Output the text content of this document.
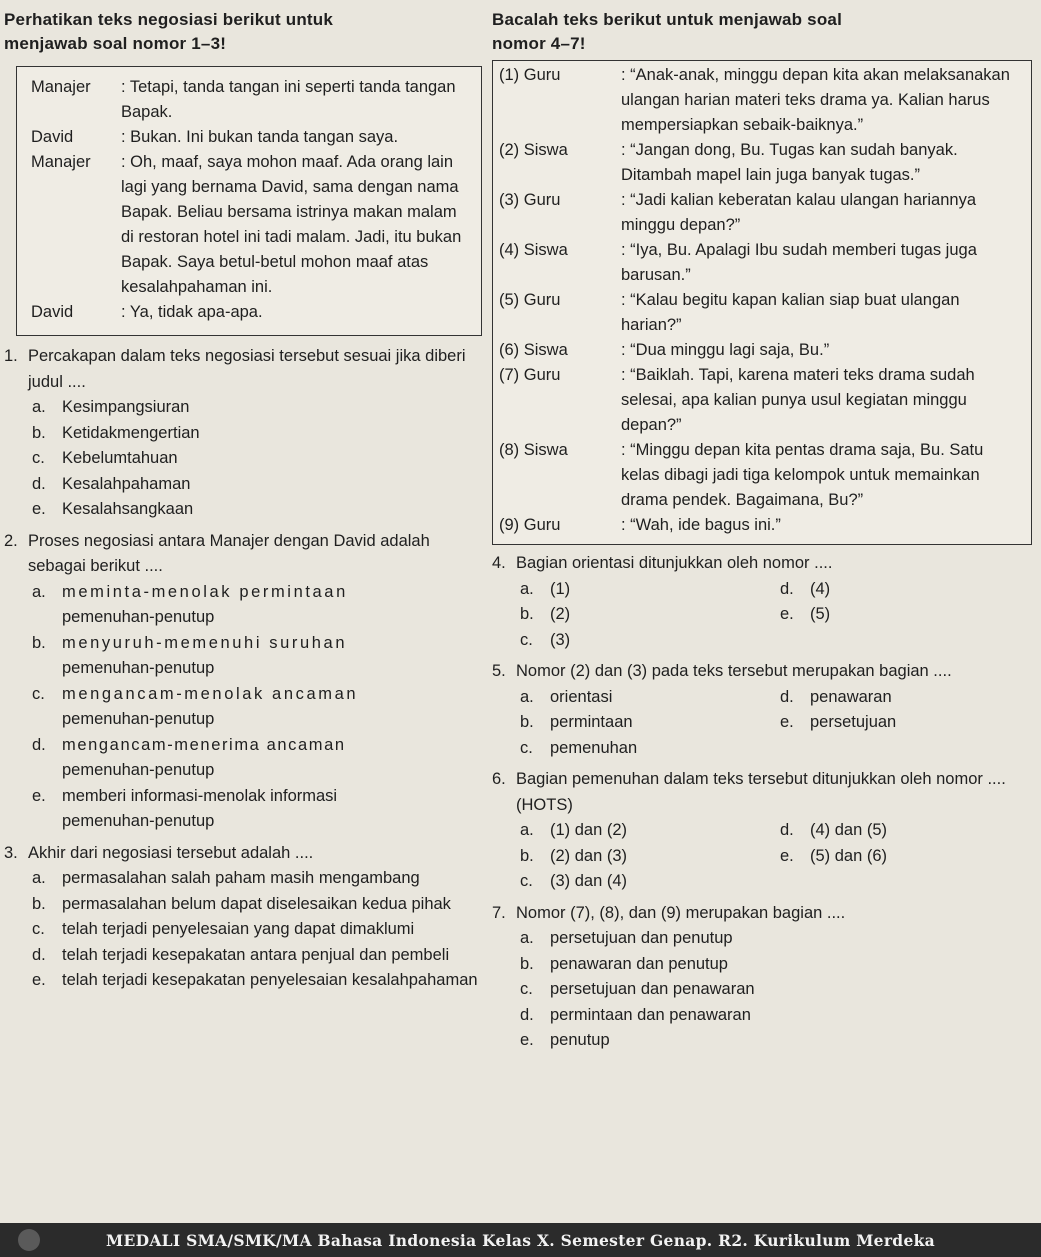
Perhatikan teks negosiasi berikut untuk
menjawab soal nomor 1–3!
Manajer	: Tetapi, tanda tangan ini seperti tanda tangan Bapak.
David	: Bukan. Ini bukan tanda tangan saya.
Manajer	: Oh, maaf, saya mohon maaf. Ada orang lain lagi yang bernama David, sama dengan nama Bapak. Beliau bersama istrinya makan malam di restoran hotel ini tadi malam. Jadi, itu bukan Bapak. Saya betul-betul mohon maaf atas kesalahpahaman ini.
David	: Ya, tidak apa-apa.
1. Percakapan dalam teks negosiasi tersebut sesuai jika diberi judul ....
a. Kesimpangsiuran
b. Ketidakmengertian
c.	Kebelumtahuan
d. Kesalahpahaman
e. Kesalahsangkaan
2. Proses negosiasi antara Manajer dengan David adalah sebagai berikut ....
a. meminta-menolak permintaan
pemenuhan-penutup
b. menyuruh-memenuhi suruhan
pemenuhan-penutup
c.	mengancam-menolak ancaman
pemenuhan-penutup
d. mengancam-menerima ancaman
pemenuhan-penutup
e. memberi informasi-menolak informasi
pemenuhan-penutup
3. Akhir dari negosiasi tersebut adalah ....
a. permasalahan salah paham masih mengambang
b. permasalahan belum dapat diselesaikan kedua pihak
c.	telah terjadi penyelesaian yang dapat dimaklumi
d. telah terjadi kesepakatan antara penjual dan pembeli
e. telah terjadi kesepakatan penyelesaian kesalahpahaman
Bacalah teks berikut untuk menjawab soal
nomor 4–7!
(1) Guru	: “Anak-anak, minggu depan kita akan melaksanakan ulangan harian materi teks drama ya. Kalian harus mempersiapkan sebaik-baiknya.”
(2) Siswa	: “Jangan dong, Bu. Tugas kan sudah banyak. Ditambah mapel lain juga banyak tugas.”
(3) Guru	: “Jadi kalian keberatan kalau ulangan hariannya minggu depan?”
(4) Siswa	: “Iya, Bu. Apalagi Ibu sudah memberi tugas juga barusan.”
(5) Guru	: “Kalau begitu kapan kalian siap buat ulangan harian?”
(6) Siswa	: “Dua minggu lagi saja, Bu.”
(7) Guru	: “Baiklah. Tapi, karena materi teks drama sudah selesai, apa kalian punya usul kegiatan minggu depan?”
(8) Siswa	: “Minggu depan kita pentas drama saja, Bu. Satu kelas dibagi jadi tiga kelompok untuk memainkan drama pendek. Bagaimana, Bu?”
(9) Guru	: “Wah, ide bagus ini.”
4. Bagian orientasi ditunjukkan oleh nomor ....
a. (1)	d. (4)
b. (2)	e. (5)
c.	(3)
5. Nomor (2) dan (3) pada teks tersebut merupakan bagian ....
a. orientasi	d. penawaran
b. permintaan	e. persetujuan
c.	pemenuhan
6. Bagian pemenuhan dalam teks tersebut ditunjukkan oleh nomor .... (HOTS)
a. (1) dan (2)	d. (4) dan (5)
b. (2) dan (3)	e. (5) dan (6)
c.	(3) dan (4)
7. Nomor (7), (8), dan (9) merupakan bagian ....
a. persetujuan dan penutup
b. penawaran dan penutup
c.	persetujuan dan penawaran
d. permintaan dan penawaran
e. penutup
MEDALI SMA/SMK/MA Bahasa Indonesia Kelas X. Semester Genap. R2. Kurikulum Merdeka
